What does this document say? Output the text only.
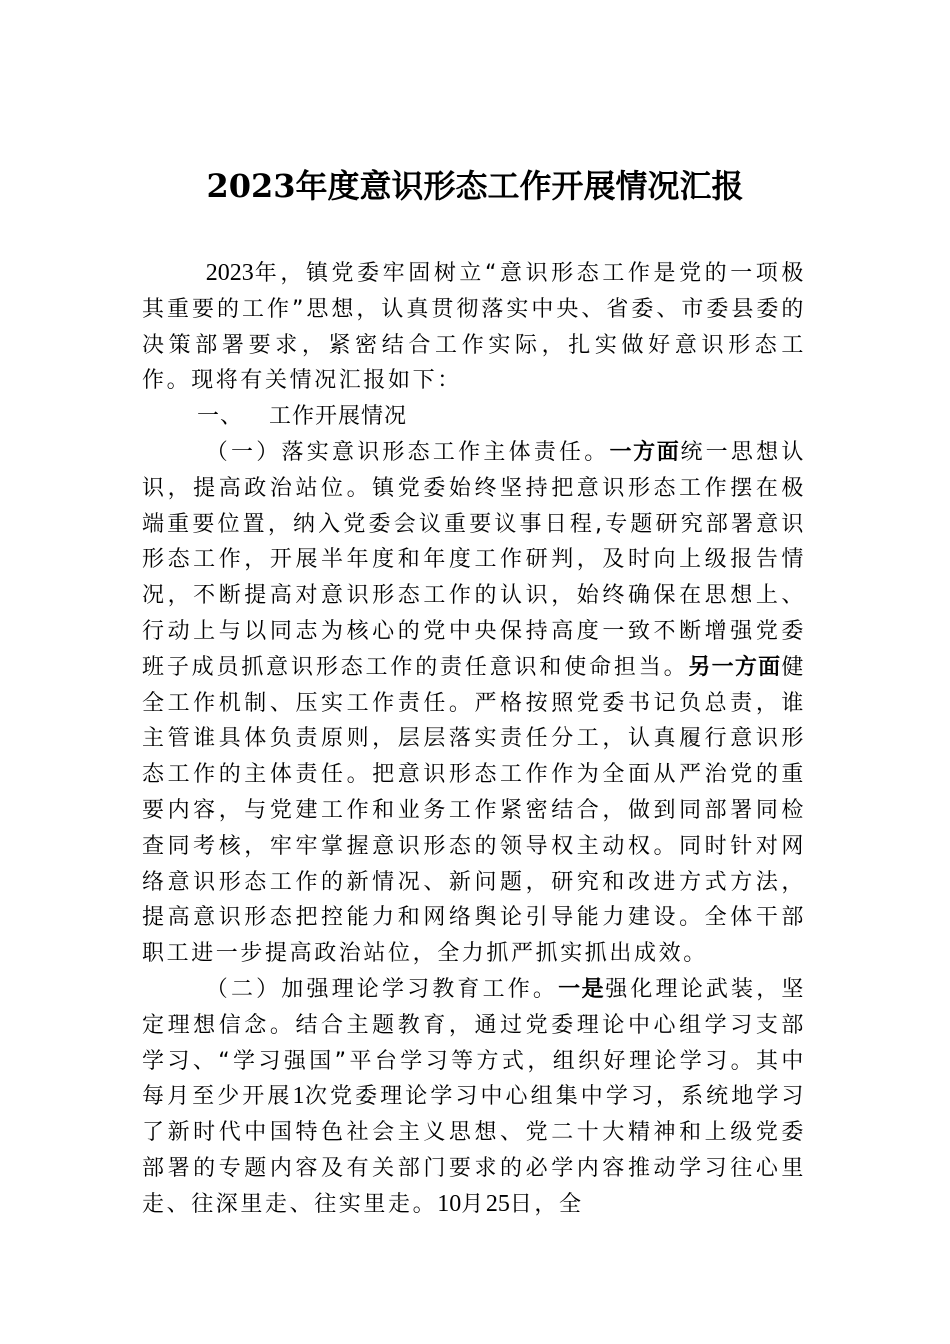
2023年度意识形态工作开展情况汇报

2023年，镇党委牢固树立“意识形态工作是党的一项极其重要的工作”思想，认真贯彻落实中央、省委、市委县委的决策部署要求，紧密结合工作实际，扎实做好意识形态工作。现将有关情况汇报如下：

一、 工作开展情况

（一）落实意识形态工作主体责任。一方面统一思想认识，提高政治站位。镇党委始终坚持把意识形态工作摆在极端重要位置，纳入党委会议重要议事日程,专题研究部署意识形态工作，开展半年度和年度工作研判，及时向上级报告情况，不断提高对意识形态工作的认识，始终确保在思想上、行动上与以同志为核心的党中央保持高度一致不断增强党委班子成员抓意识形态工作的责任意识和使命担当。另一方面健全工作机制、压实工作责任。严格按照党委书记负总责，谁主管谁具体负责原则，层层落实责任分工，认真履行意识形态工作的主体责任。把意识形态工作作为全面从严治党的重要内容，与党建工作和业务工作紧密结合，做到同部署同检查同考核，牢牢掌握意识形态的领导权主动权。同时针对网络意识形态工作的新情况、新问题，研究和改进方式方法，提高意识形态把控能力和网络舆论引导能力建设。全体干部职工进一步提高政治站位，全力抓严抓实抓出成效。

（二）加强理论学习教育工作。一是强化理论武装，坚定理想信念。结合主题教育，通过党委理论中心组学习支部学习、“学习强国”平台学习等方式，组织好理论学习。其中每月至少开展1次党委理论学习中心组集中学习，系统地学习了新时代中国特色社会主义思想、党二十大精神和上级党委部署的专题内容及有关部门要求的必学内容推动学习往心里走、往深里走、往实里走。10月25日，全
